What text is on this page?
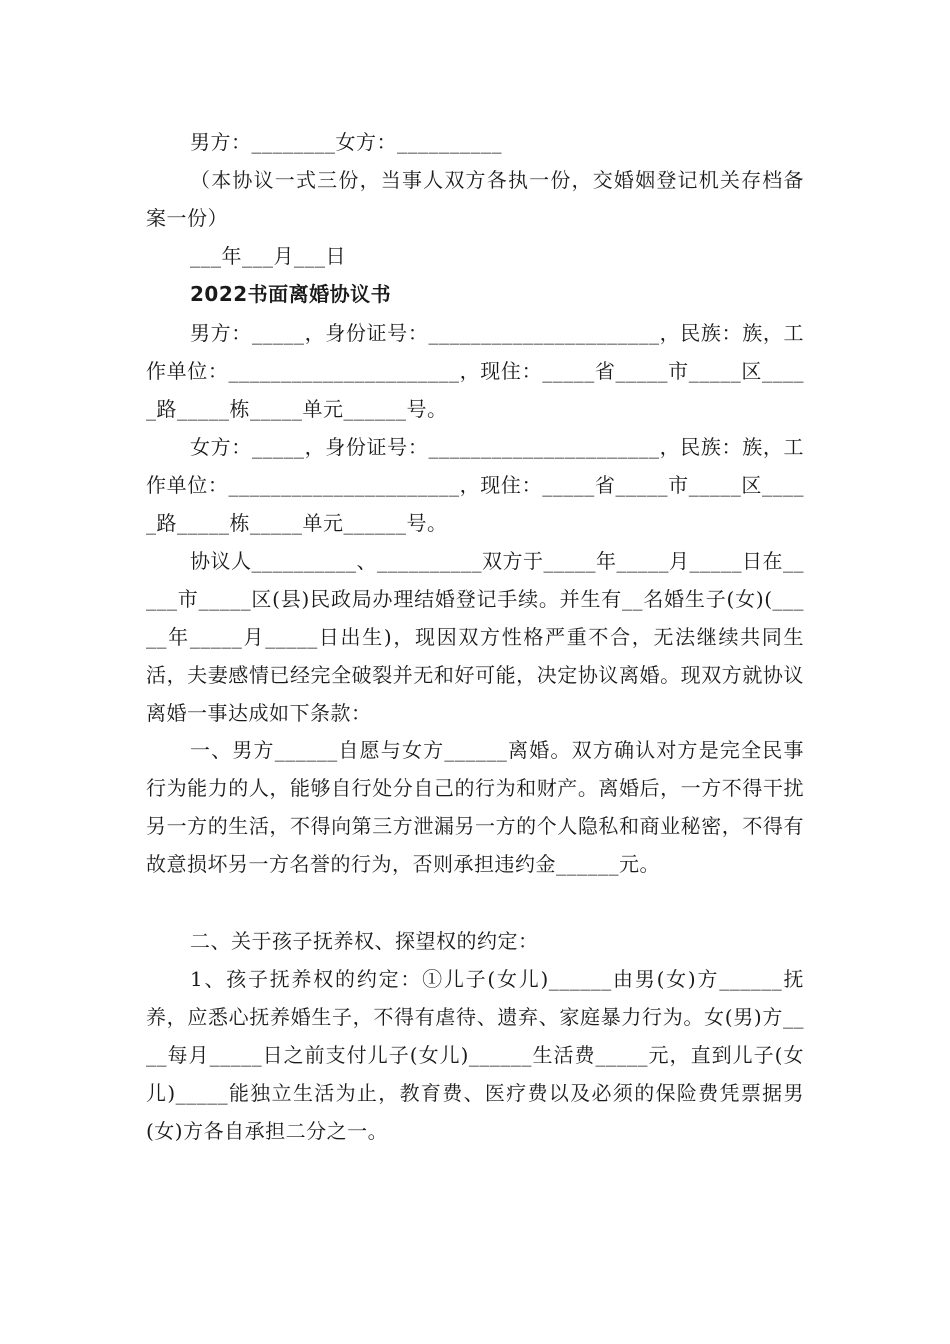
男方：________女方：__________
（本协议一式三份，当事人双方各执一份，交婚姻登记机关存档备案一份）
___年___月___日
2022书面离婚协议书
男方：_____，身份证号：______________________，民族：族，工作单位：______________________，现住：_____省_____市_____区_____路_____栋_____单元______号。
女方：_____，身份证号：______________________，民族：族，工作单位：______________________，现住：_____省_____市_____区_____路_____栋_____单元______号。
协议人__________、__________双方于_____年_____月_____日在_____市_____区(县)民政局办理结婚登记手续。并生有__名婚生子(女)(_____年_____月_____日出生)，现因双方性格严重不合，无法继续共同生活，夫妻感情已经完全破裂并无和好可能，决定协议离婚。现双方就协议离婚一事达成如下条款：
一、男方______自愿与女方______离婚。双方确认对方是完全民事行为能力的人，能够自行处分自己的行为和财产。离婚后，一方不得干扰另一方的生活，不得向第三方泄漏另一方的个人隐私和商业秘密，不得有故意损坏另一方名誉的行为，否则承担违约金______元。
二、关于孩子抚养权、探望权的约定：
1、孩子抚养权的约定：①儿子(女儿)______由男(女)方______抚养，应悉心抚养婚生子，不得有虐待、遗弃、家庭暴力行为。女(男)方____每月_____日之前支付儿子(女儿)______生活费_____元，直到儿子(女儿)_____能独立生活为止，教育费、医疗费以及必须的保险费凭票据男(女)方各自承担二分之一。
